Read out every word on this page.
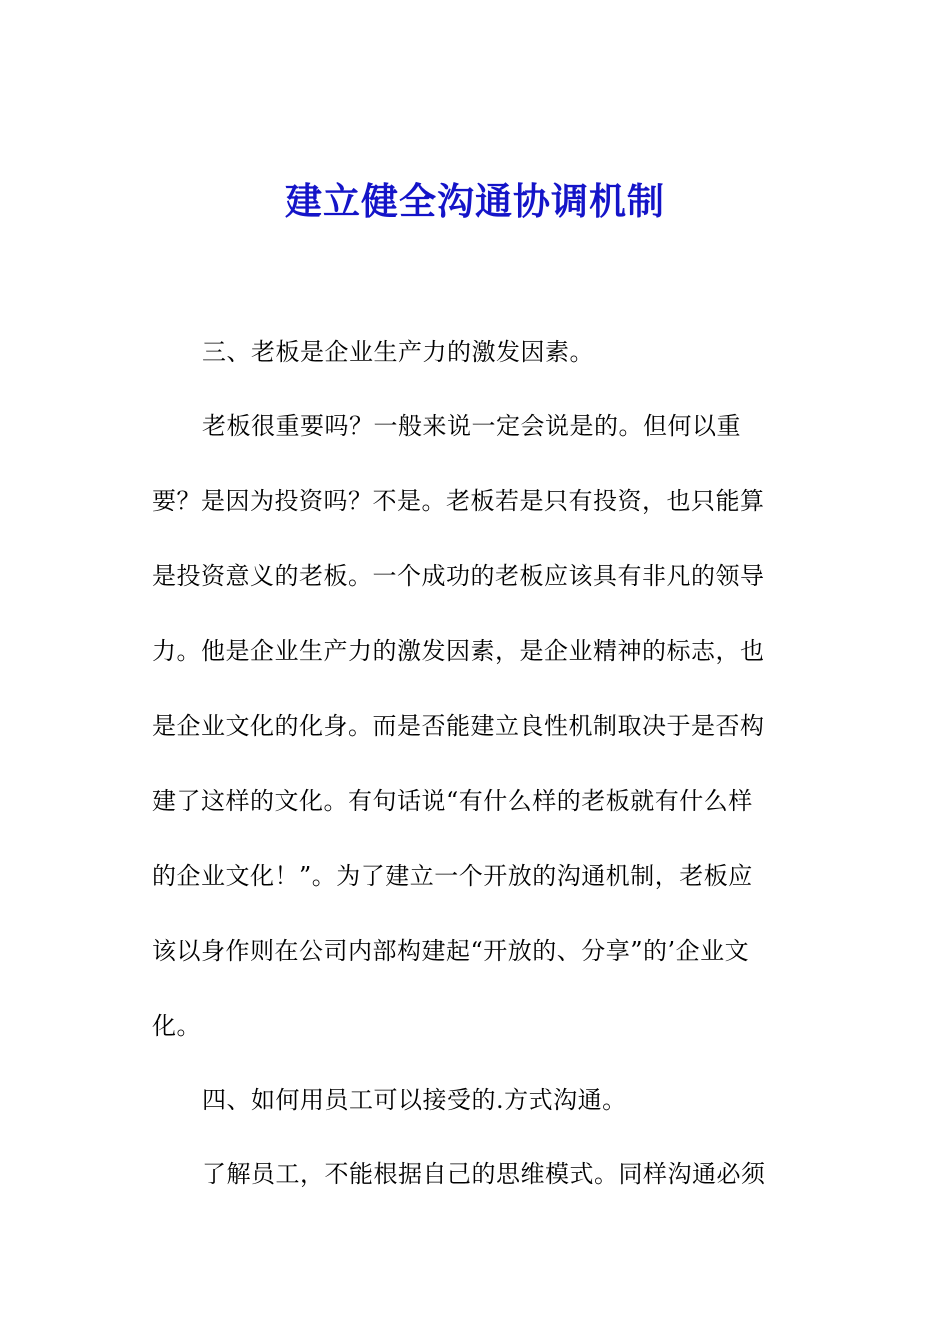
建立健全沟通协调机制
三、老板是企业生产力的激发因素。
老板很重要吗？一般来说一定会说是的。但何以重
要？是因为投资吗？不是。老板若是只有投资，也只能算
是投资意义的老板。一个成功的老板应该具有非凡的领导
力。他是企业生产力的激发因素，是企业精神的标志，也
是企业文化的化身。而是否能建立良性机制取决于是否构
建了这样的文化。有句话说“有什么样的老板就有什么样
的企业文化！”。为了建立一个开放的沟通机制，老板应
该以身作则在公司内部构建起“开放的、分享”的’企业文
化。
四、如何用员工可以接受的.方式沟通。
了解员工，不能根据自己的思维模式。同样沟通必须
